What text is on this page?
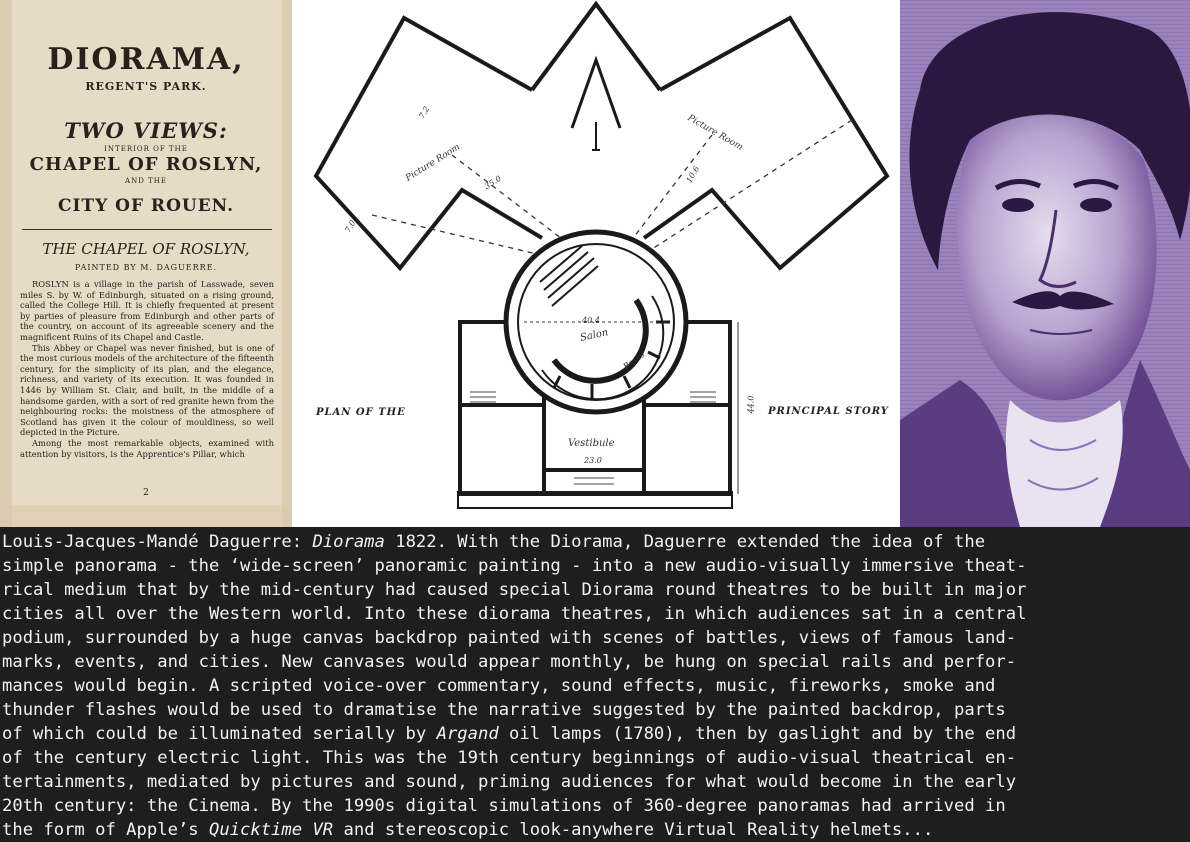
DIORAMA,
REGENT'S PARK.
TWO VIEWS:
INTERIOR OF THE
CHAPEL OF ROSLYN,
AND THE
CITY OF ROUEN.
THE CHAPEL OF ROSLYN,
PAINTED BY M. DAGUERRE.

ROSLYN is a village in the parish of Lasswade, seven miles S. by W. of Edinburgh, situated on a rising ground, called the College Hill. It is chiefly frequented at present by parties of pleasure from Edinburgh and other parts of the country, on account of its agreeable scenery and the magnificent Ruins of its Chapel and Castle.

This Abbey or Chapel was never finished, but is one of the most curious models of the architecture of the fifteenth century, for the simplicity of its plan, and the elegance, richness, and variety of its execution. It was founded in 1446 by William St. Clair, and built, in the middle of a handsome garden, with a sort of red granite hewn from the neighbouring rocks: the moistness of the atmosphere of Scotland has given it the colour of mouldiness, so well depicted in the Picture.

Among the most remarkable objects, examined with attention by visitors, is the Apprentice's Pillar, which

2
PLAN OF THE	PRINCIPAL STORY
Picture Room
Picture Room
Salon
Boxes
Vestibule
40.4
23.0
44.0
35.0	10.6
7.0
7.2
Louis-Jacques-Mandé Daguerre: Diorama 1822. With the Diorama, Daguerre extended the idea of the
simple panorama - the ‘wide-screen’ panoramic painting - into a new audio-visually immersive theat-
rical medium that by the mid-century had caused special Diorama round theatres to be built in major
cities all over the Western world. Into these diorama theatres, in which audiences sat in a central
podium, surrounded by a huge canvas backdrop painted with scenes of battles, views of famous land-
marks, events, and cities. New canvases would appear monthly, be hung on special rails and perfor-
mances would begin. A scripted voice-over commentary, sound effects, music, fireworks, smoke and
thunder flashes would be used to dramatise the narrative suggested by the painted backdrop, parts
of which could be illuminated serially by Argand oil lamps (1780), then by gaslight and by the end
of the century electric light. This was the 19th century beginnings of audio-visual theatrical en-
tertainments, mediated by pictures and sound, priming audiences for what would become in the early
20th century: the Cinema. By the 1990s digital simulations of 360-degree panoramas had arrived in
the form of Apple’s Quicktime VR and stereoscopic look-anywhere Virtual Reality helmets...
